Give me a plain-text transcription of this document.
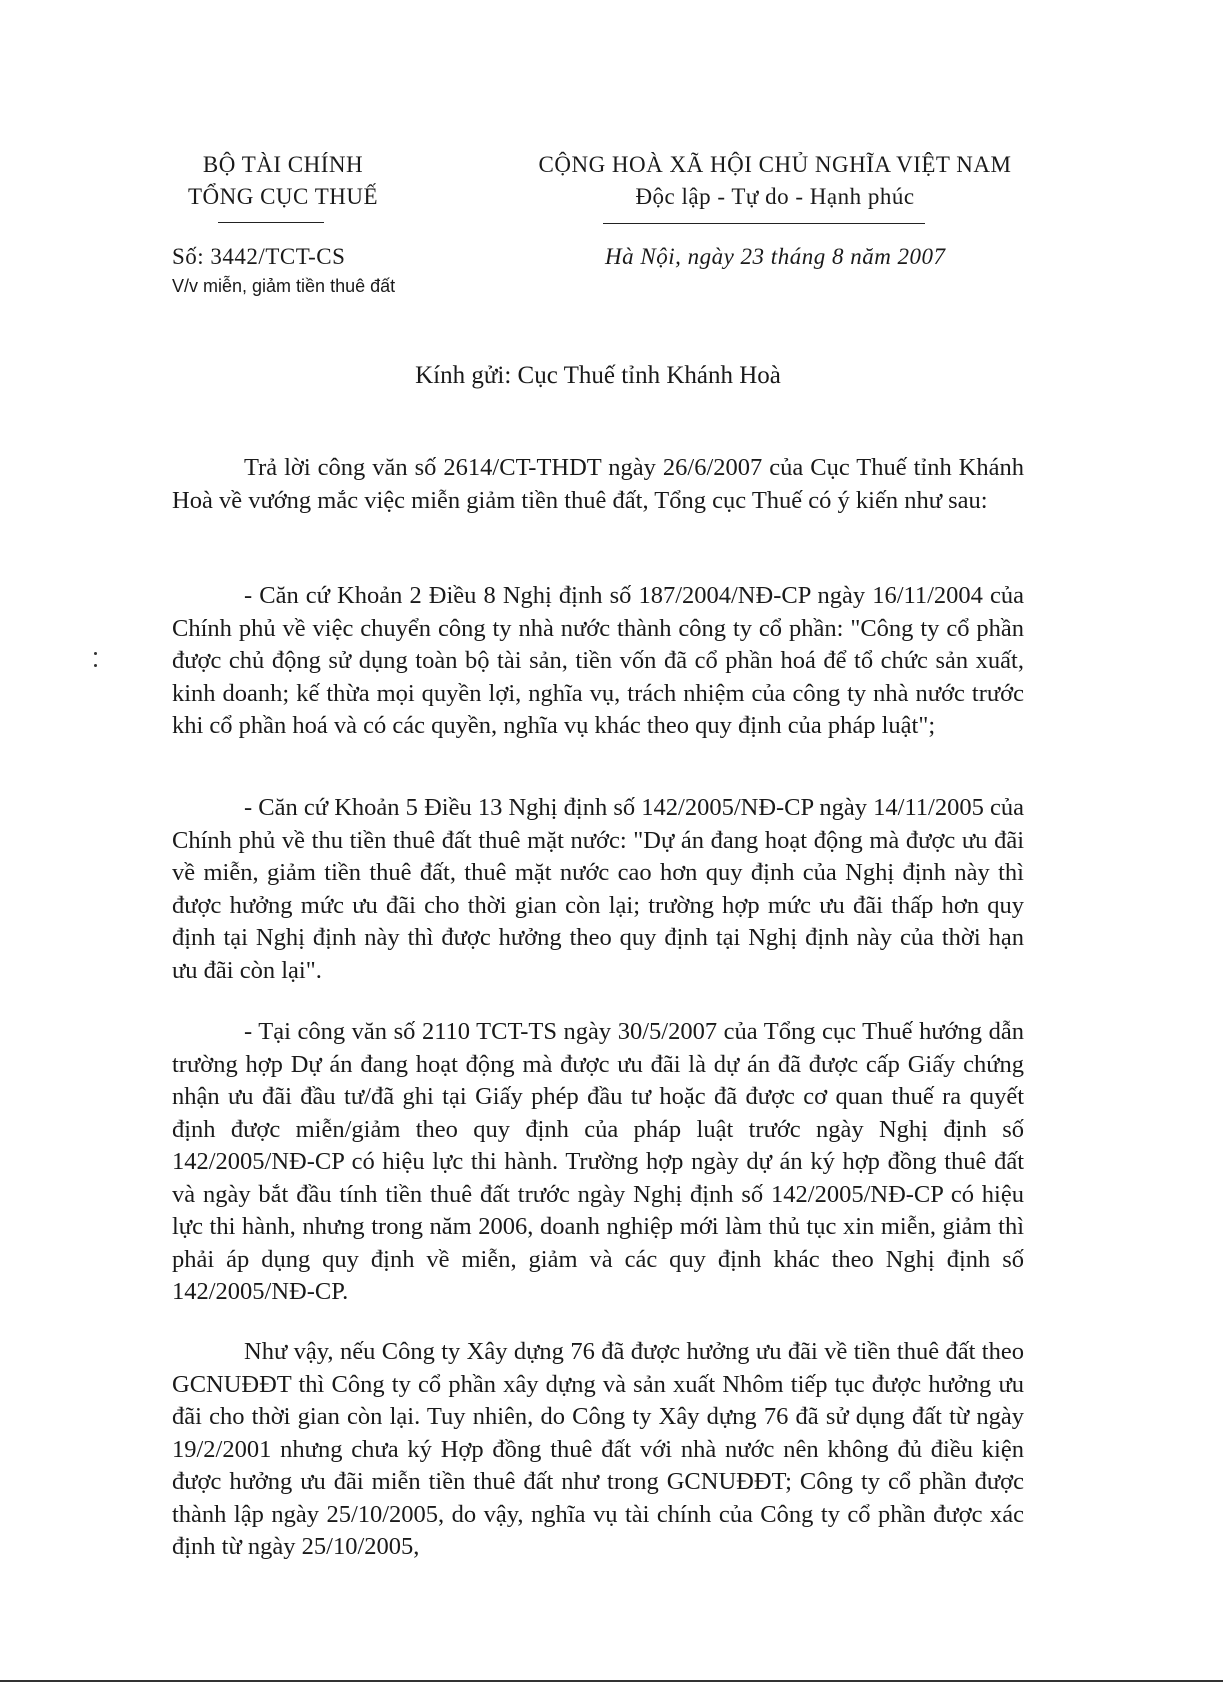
BỘ TÀI CHÍNH
TỔNG CỤC THUẾ
Số: 3442/TCT-CS
V/v miễn, giảm tiền thuê đất
CỘNG HOÀ XÃ HỘI CHỦ NGHĨA VIỆT NAM
Độc lập - Tự do - Hạnh phúc
Hà Nội, ngày 23 tháng 8 năm 2007
Kính gửi: Cục Thuế tỉnh Khánh Hoà

Trả lời công văn số 2614/CT-THDT ngày 26/6/2007 của Cục Thuế tỉnh Khánh Hoà về vướng mắc việc miễn giảm tiền thuê đất, Tổng cục Thuế có ý kiến như sau:

- Căn cứ Khoản 2 Điều 8 Nghị định số 187/2004/NĐ-CP ngày 16/11/2004 của Chính phủ về việc chuyển công ty nhà nước thành công ty cổ phần: "Công ty cổ phần được chủ động sử dụng toàn bộ tài sản, tiền vốn đã cổ phần hoá để tổ chức sản xuất, kinh doanh; kế thừa mọi quyền lợi, nghĩa vụ, trách nhiệm của công ty nhà nước trước khi cổ phần hoá và có các quyền, nghĩa vụ khác theo quy định của pháp luật";

- Căn cứ Khoản 5 Điều 13 Nghị định số 142/2005/NĐ-CP ngày 14/11/2005 của Chính phủ về thu tiền thuê đất thuê mặt nước: "Dự án đang hoạt động mà được ưu đãi về miễn, giảm tiền thuê đất, thuê mặt nước cao hơn quy định của Nghị định này thì được hưởng mức ưu đãi cho thời gian còn lại; trường hợp mức ưu đãi thấp hơn quy định tại Nghị định này thì được hưởng theo quy định tại Nghị định này của thời hạn ưu đãi còn lại".

- Tại công văn số 2110 TCT-TS ngày 30/5/2007 của Tổng cục Thuế hướng dẫn trường hợp Dự án đang hoạt động mà được ưu đãi là dự án đã được cấp Giấy chứng nhận ưu đãi đầu tư/đã ghi tại Giấy phép đầu tư hoặc đã được cơ quan thuế ra quyết định được miễn/giảm theo quy định của pháp luật trước ngày Nghị định số 142/2005/NĐ-CP có hiệu lực thi hành. Trường hợp ngày dự án ký hợp đồng thuê đất và ngày bắt đầu tính tiền thuê đất trước ngày Nghị định số 142/2005/NĐ-CP có hiệu lực thi hành, nhưng trong năm 2006, doanh nghiệp mới làm thủ tục xin miễn, giảm thì phải áp dụng quy định về miễn, giảm và các quy định khác theo Nghị định số 142/2005/NĐ-CP.

Như vậy, nếu Công ty Xây dựng 76 đã được hưởng ưu đãi về tiền thuê đất theo GCNUĐĐT thì Công ty cổ phần xây dựng và sản xuất Nhôm tiếp tục được hưởng ưu đãi cho thời gian còn lại. Tuy nhiên, do Công ty Xây dựng 76 đã sử dụng đất từ ngày 19/2/2001 nhưng chưa ký Hợp đồng thuê đất với nhà nước nên không đủ điều kiện được hưởng ưu đãi miễn tiền thuê đất như trong GCNUĐĐT; Công ty cổ phần được thành lập ngày 25/10/2005, do vậy, nghĩa vụ tài chính của Công ty cổ phần được xác định từ ngày 25/10/2005,
